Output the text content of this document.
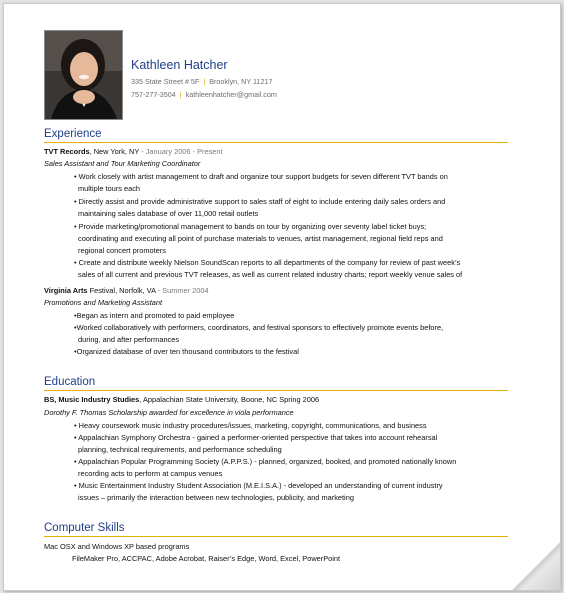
Kathleen Hatcher
335 State Street # 5F | Brooklyn, NY 11217
757-277-3504 | kathleenhatcher@gmail.com
Experience
TVT Records, New York, NY - January 2006 - Present
Sales Assistant and Tour Marketing Coordinator
• Work closely with artist management to draft and organize tour support budgets for seven different TVT bands on
multiple tours each
• Directly assist and provide administrative support to sales staff of eight to include entering daily sales orders and
maintaining sales database of over 11,000 retail outlets
• Provide marketing/promotional management to bands on tour by organizing over seventy label ticket buys;
coordinating and executing all point of purchase materials to venues, artist management, regional field reps and
regional concert promoters
• Create and distribute weekly Nielson SoundScan reports to all departments of the company for review of past week’s
sales of all current and previous TVT releases, as well as current related industry charts; report weekly venue sales of
Virginia Arts Festival, Norfolk, VA - Summer 2004
Promotions and Marketing Assistant
•Began as intern and promoted to paid employee
•Worked collaboratively with performers, coordinators, and festival sponsors to effectively promote events before,
during, and after performances
•Organized database of over ten thousand contributors to the festival
Education
BS, Music Industry Studies, Appalachian State University, Boone, NC Spring 2006
Dorothy F. Thomas Scholarship awarded for excellence in viola performance
• Heavy coursework music industry procedures/issues, marketing, copyright, communications, and business
• Appalachian Symphony Orchestra - gained a performer-oriented perspective that takes into account rehearsal
planning, technical requirements, and performance scheduling
• Appalachian Popular Programming Society (A.P.P.S.) - planned, organized, booked, and promoted nationally known
recording acts to perform at campus venues
• Music Entertainment Industry Student Association (M.E.I.S.A.) - developed an understanding of current industry
issues – primarily the interaction between new technologies, publicity, and marketing
Computer Skills
Mac OSX and Windows XP based programs
FileMaker Pro, ACCPAC, Adobe Acrobat, Raiser’s Edge, Word, Excel, PowerPoint
